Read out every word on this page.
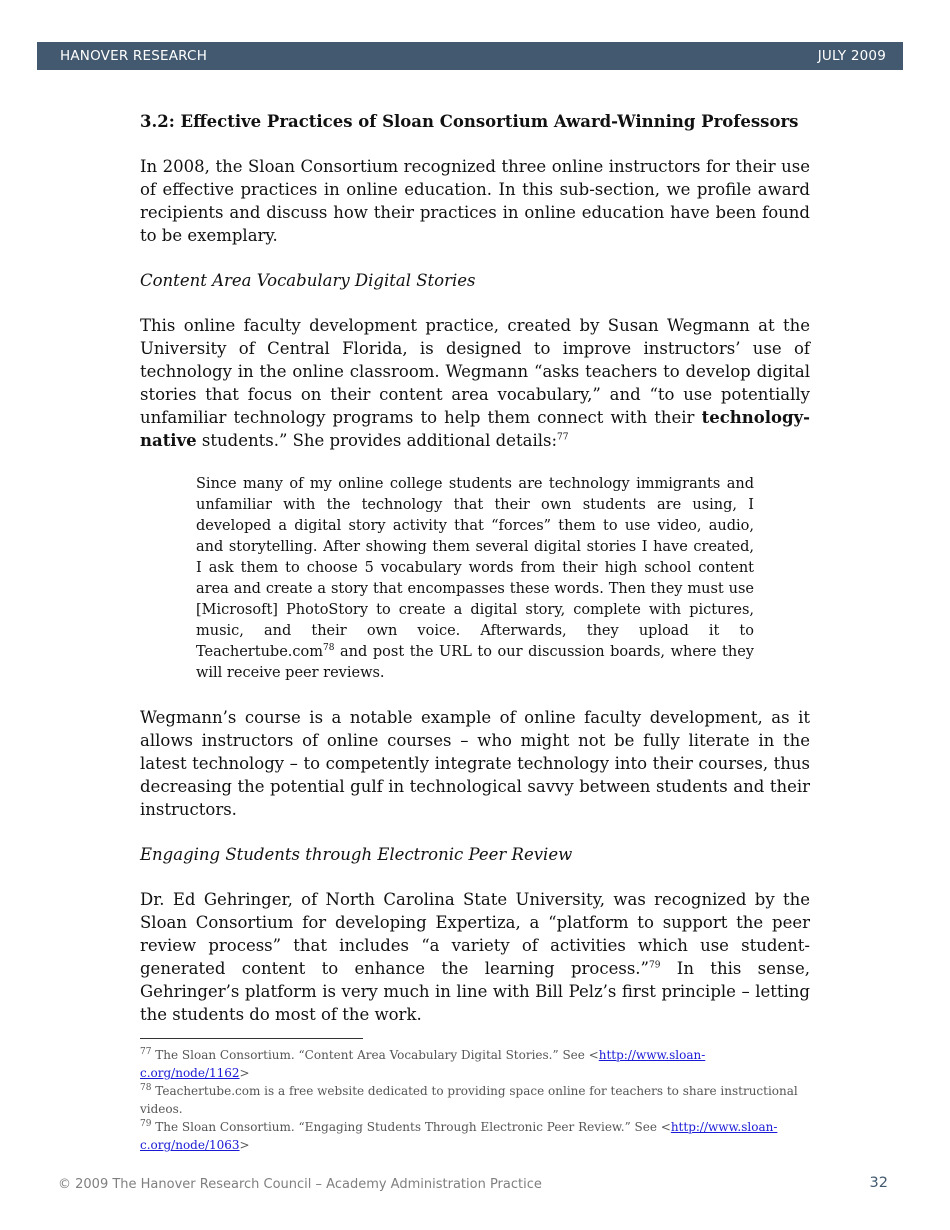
HANOVER RESEARCH	JULY 2009
3.2: Effective Practices of Sloan Consortium Award-Winning Professors
In 2008, the Sloan Consortium recognized three online instructors for their use of effective practices in online education. In this sub-section, we profile award recipients and discuss how their practices in online education have been found to be exemplary.
Content Area Vocabulary Digital Stories
This online faculty development practice, created by Susan Wegmann at the University of Central Florida, is designed to improve instructors’ use of technology in the online classroom. Wegmann “asks teachers to develop digital stories that focus on their content area vocabulary,” and “to use potentially unfamiliar technology programs to help them connect with their technology-native students.” She provides additional details:$^{77}$
Since many of my online college students are technology immigrants and unfamiliar with the technology that their own students are using, I developed a digital story activity that “forces” them to use video, audio, and storytelling. After showing them several digital stories I have created, I ask them to choose 5 vocabulary words from their high school content area and create a story that encompasses these words. Then they must use [Microsoft] PhotoStory to create a digital story, complete with pictures, music, and their own voice. Afterwards, they upload it to Teachertube.com$^{78}$ and post the URL to our discussion boards, where they will receive peer reviews.
Wegmann’s course is a notable example of online faculty development, as it allows instructors of online courses – who might not be fully literate in the latest technology – to competently integrate technology into their courses, thus decreasing the potential gulf in technological savvy between students and their instructors.
Engaging Students through Electronic Peer Review
Dr. Ed Gehringer, of North Carolina State University, was recognized by the Sloan Consortium for developing Expertiza, a “platform to support the peer review process” that includes “a variety of activities which use student-generated content to enhance the learning process.”$^{79}$ In this sense, Gehringer’s platform is very much in line with Bill Pelz’s first principle – letting the students do most of the work.
$^{77}$ The Sloan Consortium. “Content Area Vocabulary Digital Stories.” See <http://www.sloan-c.org/node/1162>
$^{78}$ Teachertube.com is a free website dedicated to providing space online for teachers to share instructional videos.
$^{79}$ The Sloan Consortium. “Engaging Students Through Electronic Peer Review.” See <http://www.sloan-
c.org/node/1063>
© 2009 The Hanover Research Council – Academy Administration Practice	32
